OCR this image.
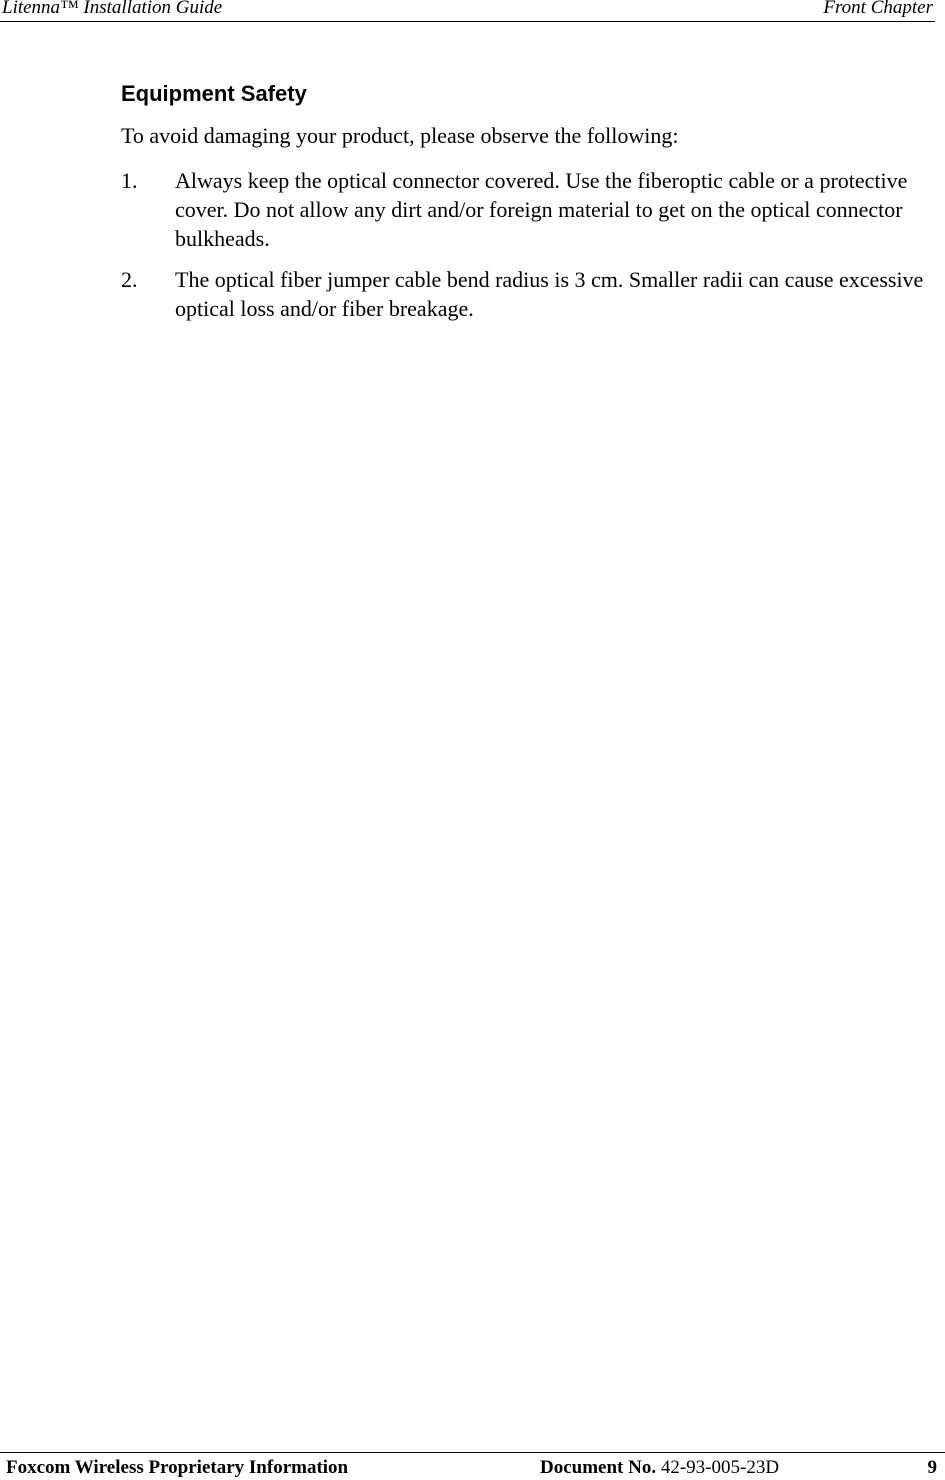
Litenna™ Installation Guide	Front Chapter
Equipment Safety
To avoid damaging your product, please observe the following:
1. Always keep the optical connector covered. Use the fiberoptic cable or a protective cover. Do not allow any dirt and/or foreign material to get on the optical connector bulkheads.
2. The optical fiber jumper cable bend radius is 3 cm. Smaller radii can cause excessive optical loss and/or fiber breakage.
Foxcom Wireless Proprietary Information	Document No. 42-93-005-23D	9
